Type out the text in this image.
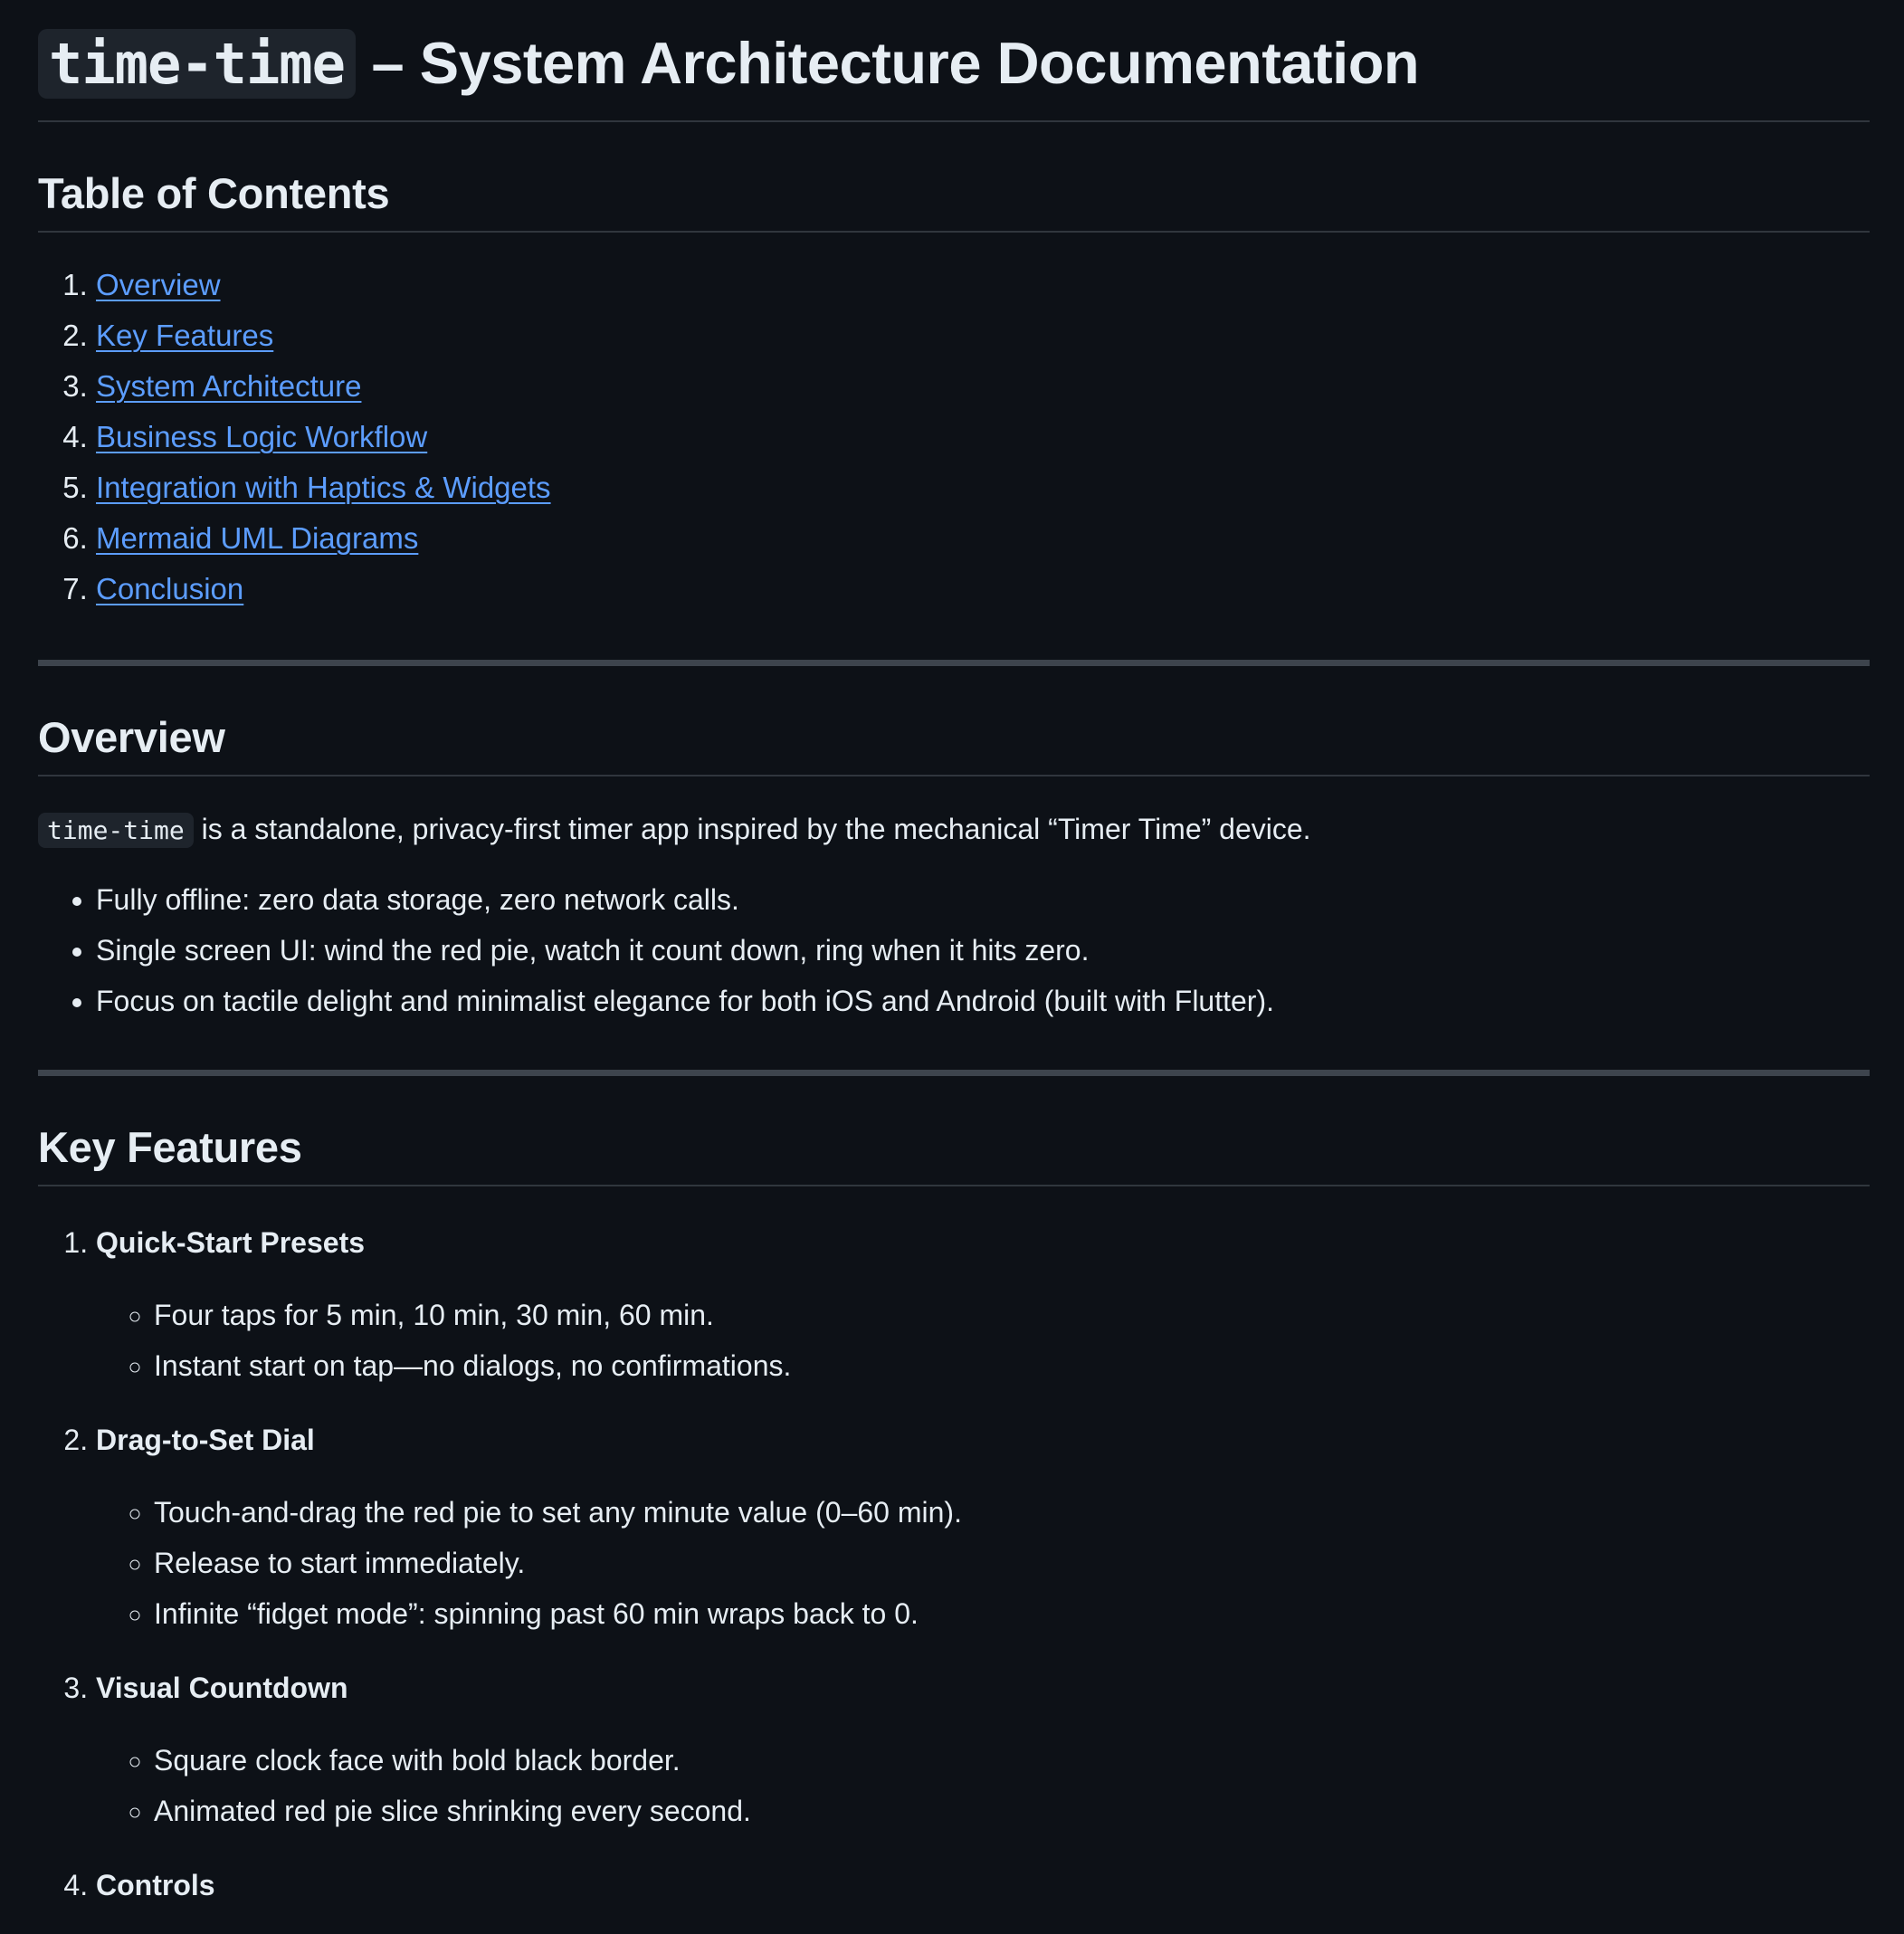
time-time – System Architecture Documentation
Table of Contents
1. Overview
2. Key Features
3. System Architecture
4. Business Logic Workflow
5. Integration with Haptics & Widgets
6. Mermaid UML Diagrams
7. Conclusion
Overview

time-time is a standalone, privacy-first timer app inspired by the mechanical “Timer Time” device.

• Fully offline: zero data storage, zero network calls.
• Single screen UI: wind the red pie, watch it count down, ring when it hits zero.
• Focus on tactile delight and minimalist elegance for both iOS and Android (built with Flutter).
Key Features
1. Quick-Start Presets
◦ Four taps for 5 min, 10 min, 30 min, 60 min.
◦ Instant start on tap—no dialogs, no confirmations.
2. Drag-to-Set Dial
◦ Touch-and-drag the red pie to set any minute value (0–60 min).
◦ Release to start immediately.
◦ Infinite “fidget mode”: spinning past 60 min wraps back to 0.
3. Visual Countdown
◦ Square clock face with bold black border.
◦ Animated red pie slice shrinking every second.
4. Controls
